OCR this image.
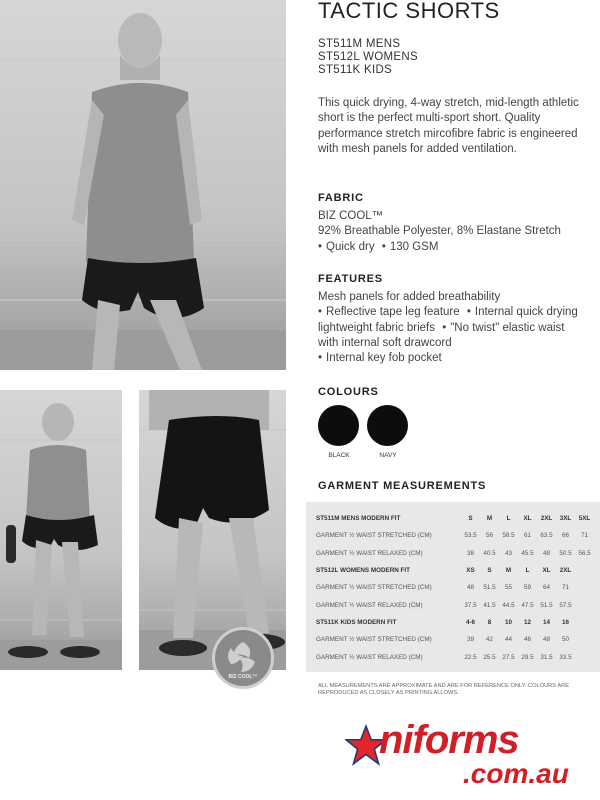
BIZ COOL™
TACTIC SHORTS
ST511M MENS
ST512L WOMENS
ST511K KIDS
This quick drying, 4-way stretch, mid-length athletic short is the perfect multi-sport short. Quality performance stretch mircofibre fabric is engineered with mesh panels for added ventilation.
FABRIC
BIZ COOL™
92% Breathable Polyester, 8% Elastane Stretch
• Quick dry • 130 GSM
FEATURES
Mesh panels for added breathability
• Reflective tape leg feature • Internal quick drying lightweight fabric briefs • "No twist" elastic waist with internal soft drawcord
• Internal key fob pocket
COLOURS
BLACK	NAVY
GARMENT MEASUREMENTS
ST511M MENS MODERN FIT	S	M	L	XL	2XL	3XL	5XL
GARMENT ½ WAIST STRETCHED (CM)	53.5	56	58.5	61	63.5	66	71
GARMENT ½ WAIST RELAXED (CM)	38	40.5	43	45.5	48	50.5	56.5
ST512L WOMENS MODERN FIT	XS	S	M	L	XL	2XL	
GARMENT ½ WAIST STRETCHED (CM)	48	51.5	55	59	64	71	
GARMENT ½ WAIST RELAXED (CM)	37.5	41.5	44.5	47.5	51.5	57.5	
ST511K KIDS MODERN FIT	4-6	8	10	12	14	16	
GARMENT ½ WAIST STRETCHED (CM)	39	42	44	46	48	50	
GARMENT ½ WAIST RELAXED (CM)	22.5	25.5	27.5	29.5	31.5	33.5	
ALL MEASUREMENTS ARE APPROXIMATE AND ARE FOR REFERENCE ONLY. COLOURS ARE REPRODUCED AS CLOSELY AS PRINTING ALLOWS.
niforms
.com.au
